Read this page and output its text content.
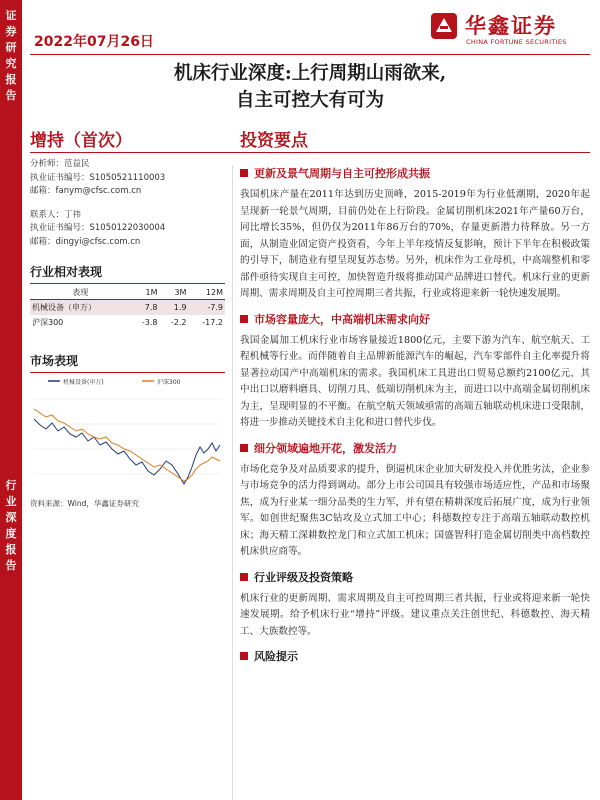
证
券
研
究
报
告
行
业
深
度
报
告
2022年07月26日
华鑫证券
CHINA FORTUNE SECURITIES
机床行业深度:上行周期山雨欲来,
自主可控大有可为
增持（首次）	投资要点
分析师：范益民
执业证书编号：S1050521110003
邮箱：fanym@cfsc.com.cn
联系人：丁祎
执业证书编号：S1050122030004
邮箱：dingyi@cfsc.com.cn
行业相对表现
表现	1M	3M	12M
机械设备（申万）	7.8	1.9	-7.9
沪深300	-3.8	-2.2	-17.2
市场表现
机械设备(申万)	沪深300
资料来源：Wind，华鑫证券研究
更新及景气周期与自主可控形成共振

我国机床产量在2011年达到历史顶峰，2015-2019年为行业低潮期，2020年起呈现新一轮景气周期，目前仍处在上行阶段。金属切削机床2021年产量60万台，同比增长35%，但仍仅为2011年86万台的70%，存量更新潜力待释放。另一方面，从制造业固定资产投资看，今年上半年疫情反复影响，预计下半年在积极政策的引导下，制造业有望呈现复苏态势。另外，机床作为工业母机，中高端整机和零部件亟待实现自主可控，加快智造升级将推动国产品牌进口替代。机床行业的更新周期、需求周期及自主可控周期三者共振，行业或将迎来新一轮快速发展期。

市场容量庞大，中高端机床需求向好

我国金属加工机床行业市场容量接近1800亿元，主要下游为汽车、航空航天、工程机械等行业。而伴随着自主品牌新能源汽车的崛起，汽车零部件自主化率提升将显著拉动国产中高端机床的需求。我国机床工具进出口贸易总额约2100亿元，其中出口以磨料磨具、切削刀具、低端切削机床为主，而进口以中高端金属切削机床为主，呈现明显的不平衡。在航空航天领域亟需的高端五轴联动机床进口受限制，将进一步推动关键技术自主化和进口替代步伐。

细分领域遍地开花，激发活力

市场化竞争及对品质要求的提升，倒逼机床企业加大研发投入并优胜劣汰，企业参与市场竞争的活力得到调动。部分上市公司国具有较强市场适应性，产品和市场聚焦，成为行业某一细分品类的生力军，并有望在精耕深度后拓展广度，成为行业领军。如创世纪聚焦3C钻攻及立式加工中心；科德数控专注于高端五轴联动数控机床；海天精工深耕数控龙门和立式加工机床；国盛智科打造金属切削类中高档数控机床供应商等。

行业评级及投资策略

机床行业的更新周期、需求周期及自主可控周期三者共振，行业或将迎来新一轮快速发展期。给予机床行业“增持”评级。建议重点关注创世纪、科德数控、海天精工、大族数控等。

风险提示
